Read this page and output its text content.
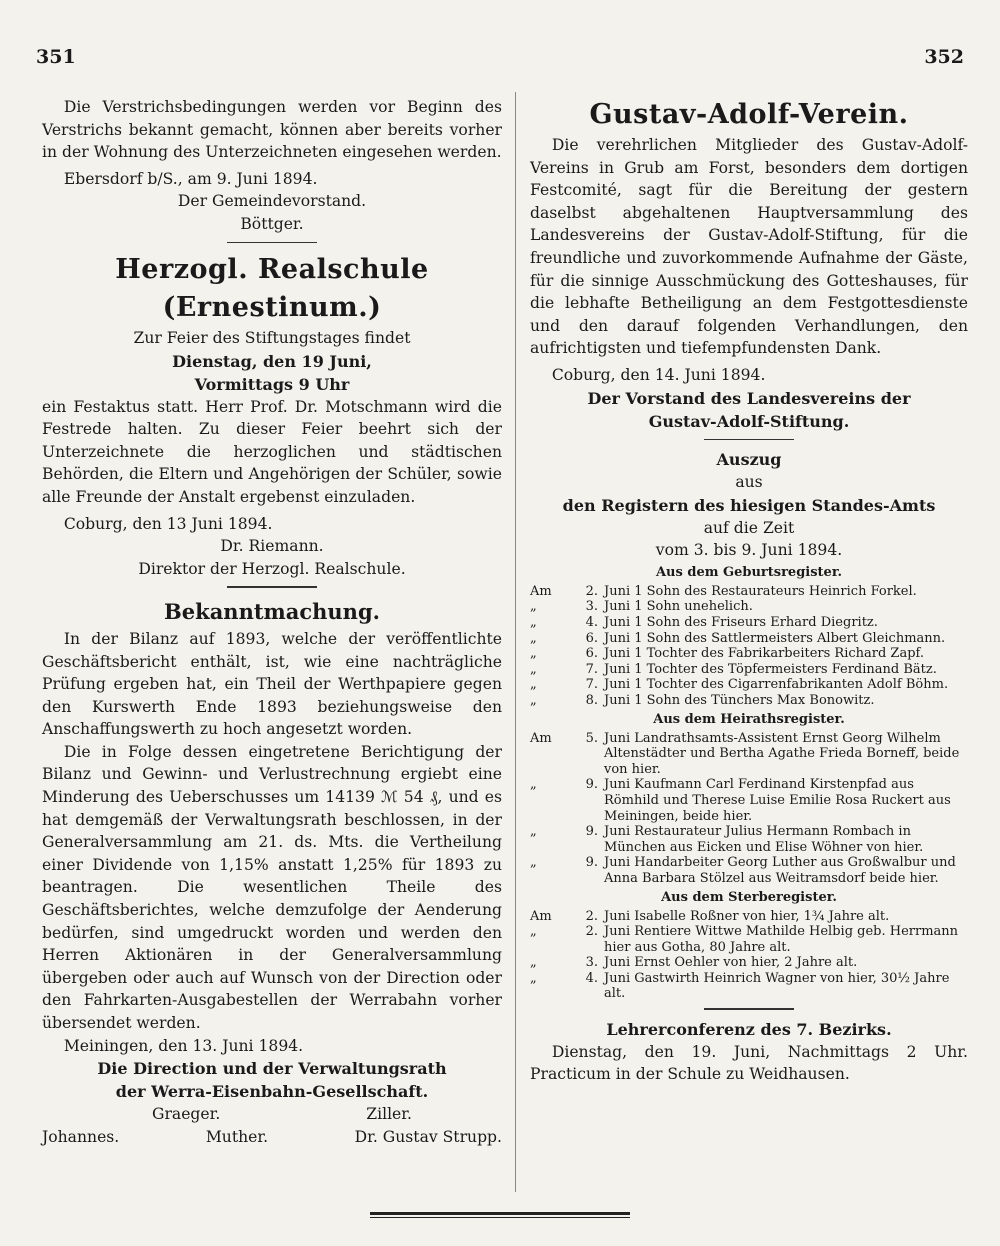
351	352

Die Verstrichsbedingungen werden vor Beginn des Verstrichs bekannt gemacht, können aber bereits vorher in der Wohnung des Unterzeichneten eingesehen werden.

Ebersdorf b/S., am 9. Juni 1894.

Der Gemeindevorstand.

Böttger.

Herzogl. Realschule (Ernestinum.)

Zur Feier des Stiftungstages findet

Dienstag, den 19 Juni,

Vormittags 9 Uhr

ein Festaktus statt. Herr Prof. Dr. Motschmann wird die Festrede halten. Zu dieser Feier beehrt sich der Unterzeichnete die herzoglichen und städtischen Behörden, die Eltern und Angehörigen der Schüler, sowie alle Freunde der Anstalt ergebenst einzuladen.

Coburg, den 13 Juni 1894.

Dr. Riemann.

Direktor der Herzogl. Realschule.

Bekanntmachung.

In der Bilanz auf 1893, welche der veröffentlichte Geschäftsbericht enthält, ist, wie eine nachträgliche Prüfung ergeben hat, ein Theil der Werthpapiere gegen den Kurswerth Ende 1893 beziehungsweise den Anschaffungswerth zu hoch angesetzt worden.

Die in Folge dessen eingetretene Berichtigung der Bilanz und Gewinn- und Verlustrechnung ergiebt eine Minderung des Ueberschusses um 14139 ℳ 54 ₰, und es hat demgemäß der Verwaltungsrath beschlossen, in der Generalversammlung am 21. ds. Mts. die Vertheilung einer Dividende von 1,15% anstatt 1,25% für 1893 zu beantragen. Die wesentlichen Theile des Geschäftsberichtes, welche demzufolge der Aenderung bedürfen, sind umgedruckt worden und werden den Herren Aktionären in der Generalversammlung übergeben oder auch auf Wunsch von der Direction oder den Fahrkarten-Ausgabestellen der Werrabahn vorher übersendet werden.

Meiningen, den 13. Juni 1894.

Die Direction und der Verwaltungsrath

der Werra-Eisenbahn-Gesellschaft.

Graeger.	Ziller.
Johannes.	Muther.	Dr. Gustav Strupp.

Gustav-Adolf-Verein.

Die verehrlichen Mitglieder des Gustav-Adolf-Vereins in Grub am Forst, besonders dem dortigen Festcomité, sagt für die Bereitung der gestern daselbst abgehaltenen Hauptversammlung des Landesvereins der Gustav-Adolf-Stiftung, für die freundliche und zuvorkommende Aufnahme der Gäste, für die sinnige Ausschmückung des Gotteshauses, für die lebhafte Betheiligung an dem Festgottesdienste und den darauf folgenden Verhandlungen, den aufrichtigsten und tiefempfundensten Dank.

Coburg, den 14. Juni 1894.

Der Vorstand des Landesvereins der

Gustav-Adolf-Stiftung.

Auszug

aus

den Registern des hiesigen Standes-Amts

auf die Zeit

vom 3. bis 9. Juni 1894.

Aus dem Geburtsregister.

Am	2. Juni 1 Sohn des Restaurateurs Heinrich Forkel.
„	3. Juni 1 Sohn unehelich.
„	4. Juni 1 Sohn des Friseurs Erhard Diegritz.
„	6. Juni 1 Sohn des Sattlermeisters Albert Gleichmann.
„	6. Juni 1 Tochter des Fabrikarbeiters Richard Zapf.
„	7. Juni 1 Tochter des Töpfermeisters Ferdinand Bätz.
„	7. Juni 1 Tochter des Cigarrenfabrikanten Adolf Böhm.
„	8. Juni 1 Sohn des Tünchers Max Bonowitz.

Aus dem Heirathsregister.

Am	5. Juni Landrathsamts-Assistent Ernst Georg Wilhelm Altenstädter und Bertha Agathe Frieda Borneff, beide von hier.
„	9. Juni Kaufmann Carl Ferdinand Kirstenpfad aus Römhild und Therese Luise Emilie Rosa Ruckert aus Meiningen, beide hier.
„	9. Juni Restaurateur Julius Hermann Rombach in München aus Eicken und Elise Wöhner von hier.
„	9. Juni Handarbeiter Georg Luther aus Großwalbur und Anna Barbara Stölzel aus Weitramsdorf beide hier.

Aus dem Sterberegister.

Am	2. Juni Isabelle Roßner von hier, 1¾ Jahre alt.
„	2. Juni Rentiere Wittwe Mathilde Helbig geb. Herrmann hier aus Gotha, 80 Jahre alt.
„	3. Juni Ernst Oehler von hier, 2 Jahre alt.
„	4. Juni Gastwirth Heinrich Wagner von hier, 30½ Jahre alt.

Lehrerconferenz des 7. Bezirks.

Dienstag, den 19. Juni, Nachmittags 2 Uhr. Practicum in der Schule zu Weidhausen.
